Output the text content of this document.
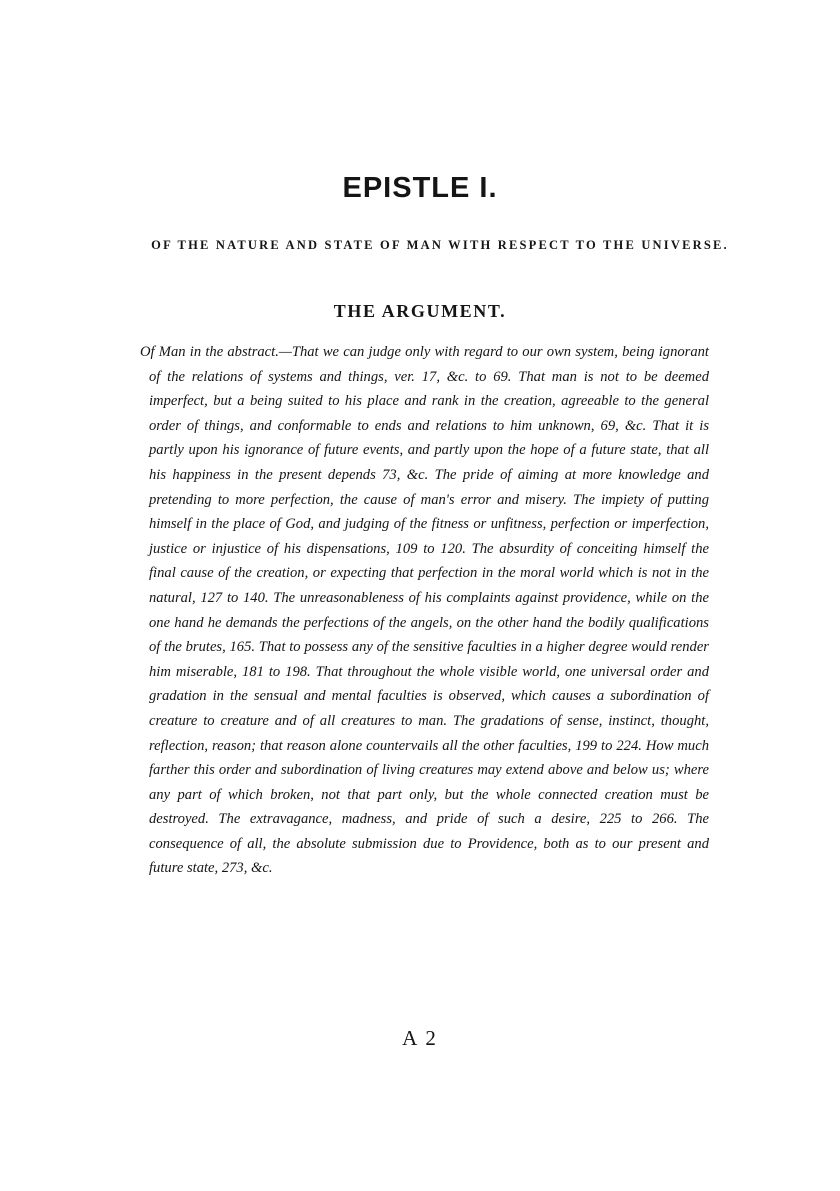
EPISTLE I.

OF THE NATURE AND STATE OF MAN WITH RESPECT TO THE UNIVERSE.

THE ARGUMENT.

Of Man in the abstract.—That we can judge only with regard to our own system, being ignorant of the relations of systems and things, ver. 17, &c. to 69. That man is not to be deemed imperfect, but a being suited to his place and rank in the creation, agreeable to the general order of things, and conformable to ends and relations to him unknown, 69, &c. That it is partly upon his ignorance of future events, and partly upon the hope of a future state, that all his happiness in the present depends 73, &c. The pride of aiming at more knowledge and pretending to more perfection, the cause of man's error and misery. The impiety of putting himself in the place of God, and judging of the fitness or unfitness, perfection or imperfection, justice or injustice of his dispensations, 109 to 120. The absurdity of conceiting himself the final cause of the creation, or expecting that perfection in the moral world which is not in the natural, 127 to 140. The unreasonableness of his complaints against providence, while on the one hand he demands the perfections of the angels, on the other hand the bodily qualifications of the brutes, 165. That to possess any of the sensitive faculties in a higher degree would render him miserable, 181 to 198. That throughout the whole visible world, one universal order and gradation in the sensual and mental faculties is observed, which causes a subordination of creature to creature and of all creatures to man. The gradations of sense, instinct, thought, reflection, reason; that reason alone countervails all the other faculties, 199 to 224. How much farther this order and subordination of living creatures may extend above and below us; where any part of which broken, not that part only, but the whole connected creation must be destroyed. The extravagance, madness, and pride of such a desire, 225 to 266. The consequence of all, the absolute submission due to Providence, both as to our present and future state, 273, &c.

A 2
